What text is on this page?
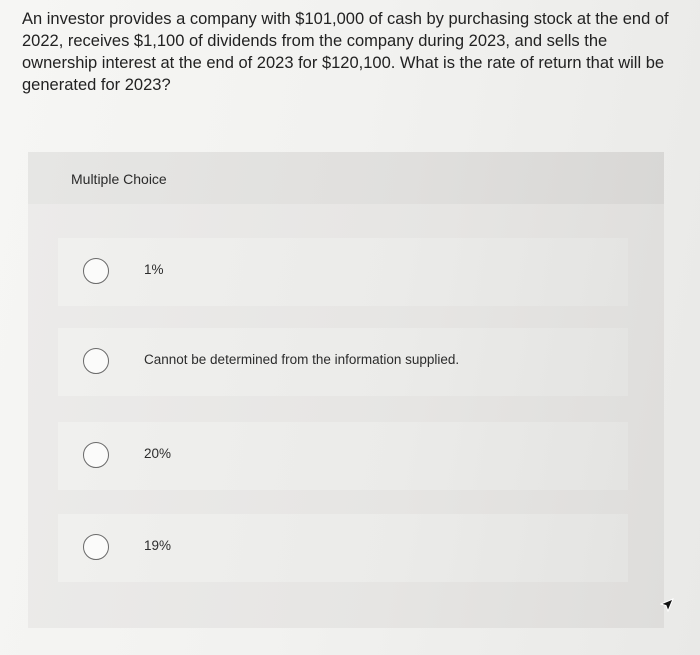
An investor provides a company with $101,000 of cash by purchasing stock at the end of 2022, receives $1,100 of dividends from the company during 2023, and sells the ownership interest at the end of 2023 for $120,100. What is the rate of return that will be generated for 2023?

Multiple Choice
1%
Cannot be determined from the information supplied.
20%
19%
